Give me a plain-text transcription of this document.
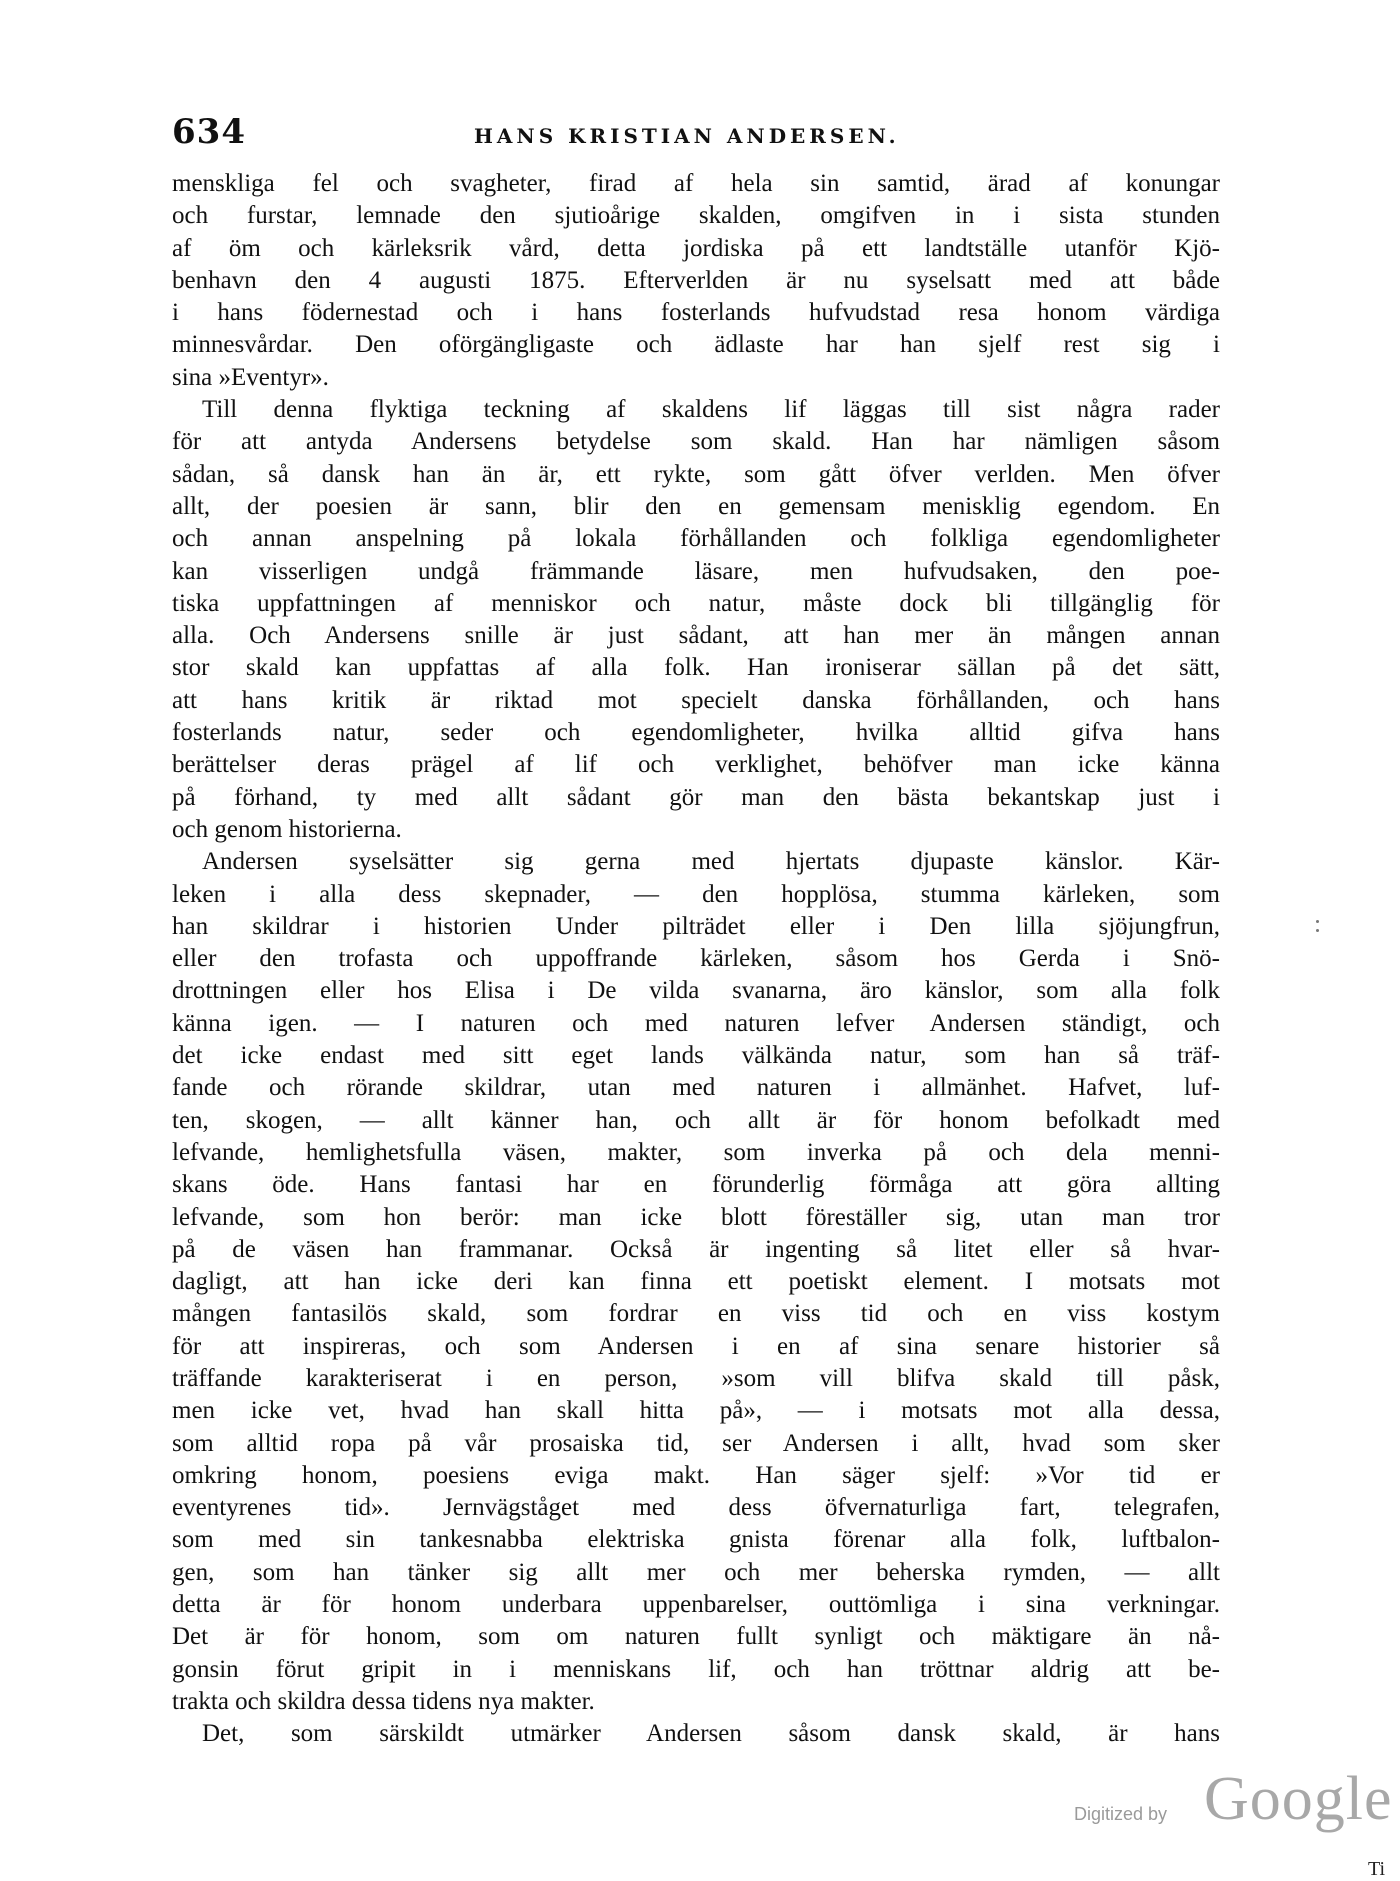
634	HANS KRISTIAN ANDERSEN.
menskliga fel och svagheter, firad af hela sin samtid, ärad af konungar
och furstar, lemnade den sjutioårige skalden, omgifven in i sista stunden
af öm och kärleksrik vård, detta jordiska på ett landtställe utanför Kjö-
benhavn den 4 augusti 1875. Efterverlden är nu syselsatt med att både
i hans födernestad och i hans fosterlands hufvudstad resa honom värdiga
minnesvårdar. Den oförgängligaste och ädlaste har han sjelf rest sig i
sina »Eventyr».
Till denna flyktiga teckning af skaldens lif läggas till sist några rader
för att antyda Andersens betydelse som skald. Han har nämligen såsom
sådan, så dansk han än är, ett rykte, som gått öfver verlden. Men öfver
allt, der poesien är sann, blir den en gemensam menisklig egendom. En
och annan anspelning på lokala förhållanden och folkliga egendomligheter
kan visserligen undgå främmande läsare, men hufvudsaken, den poe-
tiska uppfattningen af menniskor och natur, måste dock bli tillgänglig för
alla. Och Andersens snille är just sådant, att han mer än mången annan
stor skald kan uppfattas af alla folk. Han ironiserar sällan på det sätt,
att hans kritik är riktad mot specielt danska förhållanden, och hans
fosterlands natur, seder och egendomligheter, hvilka alltid gifva hans
berättelser deras prägel af lif och verklighet, behöfver man icke känna
på förhand, ty med allt sådant gör man den bästa bekantskap just i
och genom historierna.
Andersen syselsätter sig gerna med hjertats djupaste känslor. Kär-
leken i alla dess skepnader, — den hopplösa, stumma kärleken, som
han skildrar i historien Under pilträdet eller i Den lilla sjöjungfrun,
eller den trofasta och uppoffrande kärleken, såsom hos Gerda i Snö-
drottningen eller hos Elisa i De vilda svanarna, äro känslor, som alla folk
känna igen. — I naturen och med naturen lefver Andersen ständigt, och
det icke endast med sitt eget lands välkända natur, som han så träf-
fande och rörande skildrar, utan med naturen i allmänhet. Hafvet, luf-
ten, skogen, — allt känner han, och allt är för honom befolkadt med
lefvande, hemlighetsfulla väsen, makter, som inverka på och dela menni-
skans öde. Hans fantasi har en förunderlig förmåga att göra allting
lefvande, som hon berör: man icke blott föreställer sig, utan man tror
på de väsen han frammanar. Också är ingenting så litet eller så hvar-
dagligt, att han icke deri kan finna ett poetiskt element. I motsats mot
mången fantasilös skald, som fordrar en viss tid och en viss kostym
för att inspireras, och som Andersen i en af sina senare historier så
träffande karakteriserat i en person, »som vill blifva skald till påsk,
men icke vet, hvad han skall hitta på», — i motsats mot alla dessa,
som alltid ropa på vår prosaiska tid, ser Andersen i allt, hvad som sker
omkring honom, poesiens eviga makt. Han säger sjelf: »Vor tid er
eventyrenes tid». Jernvägståget med dess öfvernaturliga fart, telegrafen,
som med sin tankesnabba elektriska gnista förenar alla folk, luftbalon-
gen, som han tänker sig allt mer och mer beherska rymden, — allt
detta är för honom underbara uppenbarelser, outtömliga i sina verkningar.
Det är för honom, som om naturen fullt synligt och mäktigare än nå-
gonsin förut gripit in i menniskans lif, och han tröttnar aldrig att be-
trakta och skildra dessa tidens nya makter.
Det, som särskildt utmärker Andersen såsom dansk skald, är hans
Digitized by Google
Ti
